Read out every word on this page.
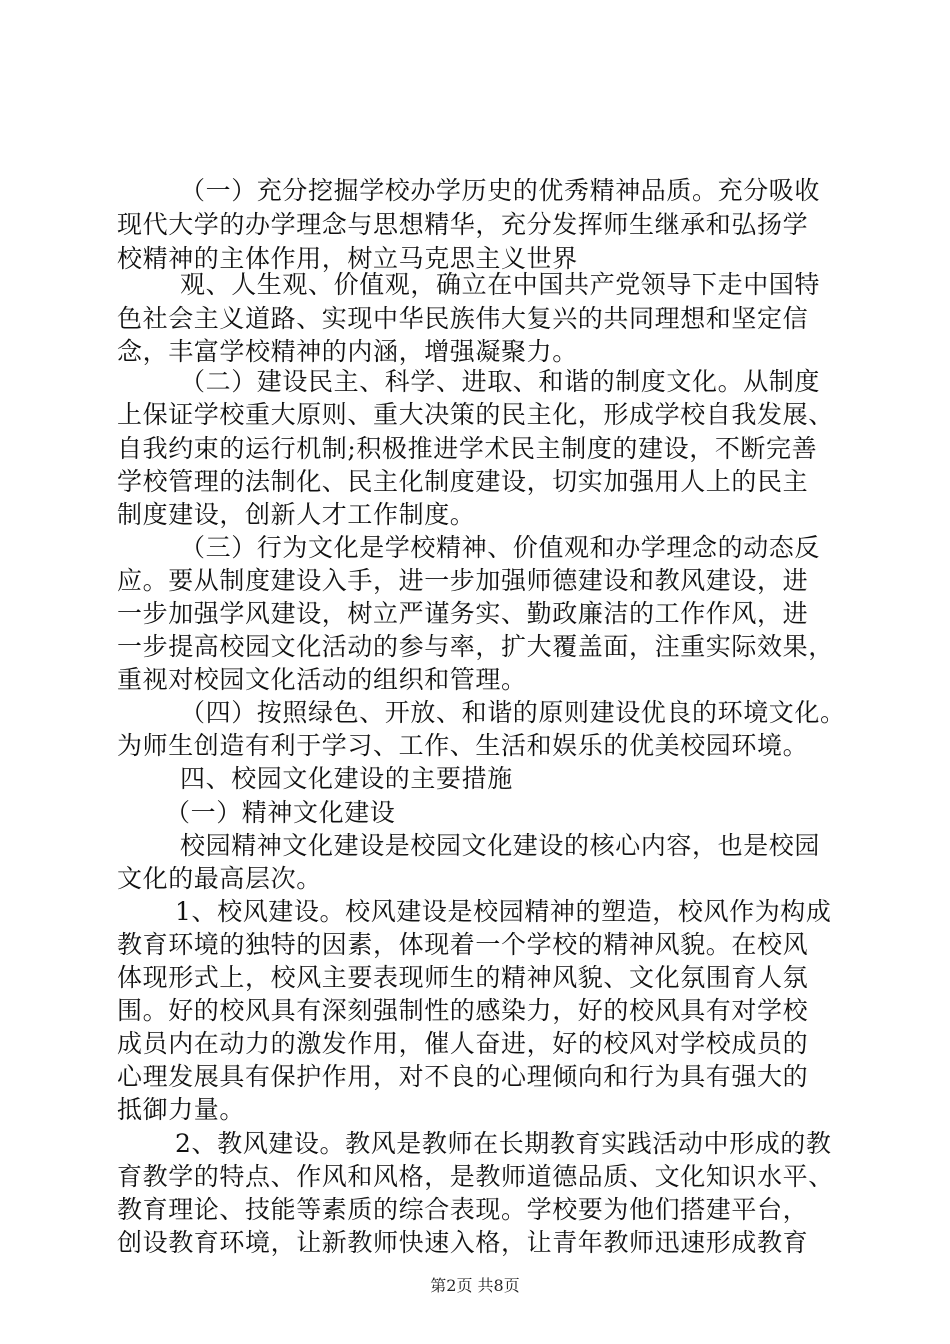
（一）充分挖掘学校办学历史的优秀精神品质。充分吸收
现代大学的办学理念与思想精华，充分发挥师生继承和弘扬学
校精神的主体作用，树立马克思主义世界
观、人生观、价值观，确立在中国共产党领导下走中国特
色社会主义道路、实现中华民族伟大复兴的共同理想和坚定信
念，丰富学校精神的内涵，增强凝聚力。
（二）建设民主、科学、进取、和谐的制度文化。从制度
上保证学校重大原则、重大决策的民主化，形成学校自我发展、
自我约束的运行机制;积极推进学术民主制度的建设，不断完善
学校管理的法制化、民主化制度建设，切实加强用人上的民主
制度建设，创新人才工作制度。
（三）行为文化是学校精神、价值观和办学理念的动态反
应。要从制度建设入手，进一步加强师德建设和教风建设，进
一步加强学风建设，树立严谨务实、勤政廉洁的工作作风，进
一步提高校园文化活动的参与率，扩大覆盖面，注重实际效果，
重视对校园文化活动的组织和管理。
（四）按照绿色、开放、和谐的原则建设优良的环境文化。
为师生创造有利于学习、工作、生活和娱乐的优美校园环境。
四、校园文化建设的主要措施
（一）精神文化建设
校园精神文化建设是校园文化建设的核心内容，也是校园
文化的最高层次。
1、校风建设。校风建设是校园精神的塑造，校风作为构成
教育环境的独特的因素，体现着一个学校的精神风貌。在校风
体现形式上，校风主要表现师生的精神风貌、文化氛围育人氛
围。好的校风具有深刻强制性的感染力，好的校风具有对学校
成员内在动力的激发作用，催人奋进，好的校风对学校成员的
心理发展具有保护作用，对不良的心理倾向和行为具有强大的
抵御力量。
2、教风建设。教风是教师在长期教育实践活动中形成的教
育教学的特点、作风和风格，是教师道德品质、文化知识水平、
教育理论、技能等素质的综合表现。学校要为他们搭建平台，
创设教育环境，让新教师快速入格，让青年教师迅速形成教育
第2页 共8页
